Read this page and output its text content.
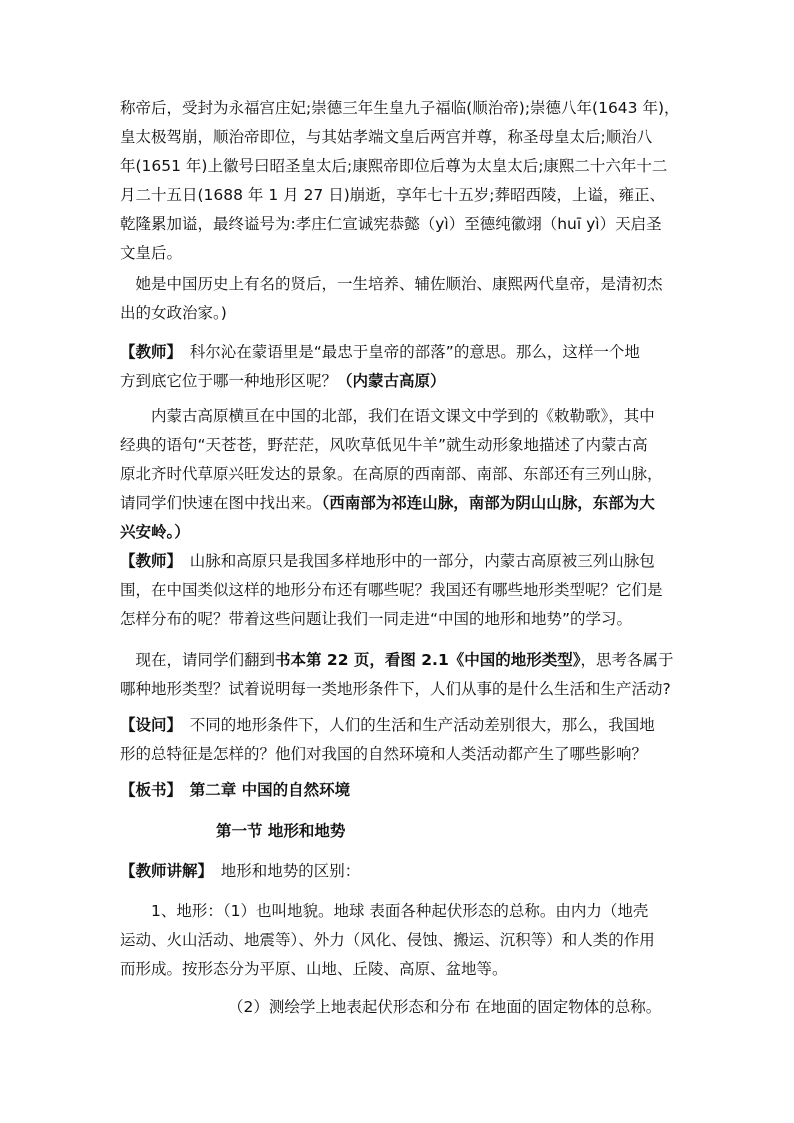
称帝后，受封为永福宫庄妃;崇德三年生皇九子福临(顺治帝);崇德八年(1643 年)，
皇太极驾崩，顺治帝即位，与其姑孝端文皇后两宫并尊，称圣母皇太后;顺治八
年(1651 年)上徽号曰昭圣皇太后;康熙帝即位后尊为太皇太后;康熙二十六年十二
月二十五日(1688 年 1 月 27 日)崩逝，享年七十五岁;葬昭西陵，上谥，雍正、
乾隆累加谥，最终谥号为:孝庄仁宣诚宪恭懿（yì）至德纯徽翊（huī yì）天启圣
文皇后。
　她是中国历史上有名的贤后，一生培养、辅佐顺治、康熙两代皇帝，是清初杰
出的女政治家。)
【教师】　科尔沁在蒙语里是“最忠于皇帝的部落”的意思。那么，这样一个地
方到底它位于哪一种地形区呢？（内蒙古高原）
　　内蒙古高原横亘在中国的北部，我们在语文课文中学到的《敕勒歌》，其中
经典的语句“天苍苍，野茫茫，风吹草低见牛羊”就生动形象地描述了内蒙古高
原北齐时代草原兴旺发达的景象。在高原的西南部、南部、东部还有三列山脉，
请同学们快速在图中找出来。（西南部为祁连山脉，南部为阴山山脉，东部为大
兴安岭。）
【教师】　山脉和高原只是我国多样地形中的一部分，内蒙古高原被三列山脉包
围，在中国类似这样的地形分布还有哪些呢？我国还有哪些地形类型呢？它们是
怎样分布的呢？带着这些问题让我们一同走进“中国的地形和地势”的学习。
　现在，请同学们翻到书本第 22 页，看图 2.1《中国的地形类型》，思考各属于
哪种地形类型？试着说明每一类地形条件下，人们从事的是什么生活和生产活动?
【设问】　不同的地形条件下，人们的生活和生产活动差别很大，那么，我国地
形的总特征是怎样的？他们对我国的自然环境和人类活动都产生了哪些影响？
【板书】　第二章 中国的自然环境
第一节 地形和地势
【教师讲解】　地形和地势的区别：
　　1、地形：（1）也叫地貌。地球 表面各种起伏形态的总称。由内力（地壳
运动、火山活动、地震等）、外力（风化、侵蚀、搬运、沉积等）和人类的作用
而形成。按形态分为平原、山地、丘陵、高原、盆地等。
（2）测绘学上地表起伏形态和分布 在地面的固定物体的总称。
